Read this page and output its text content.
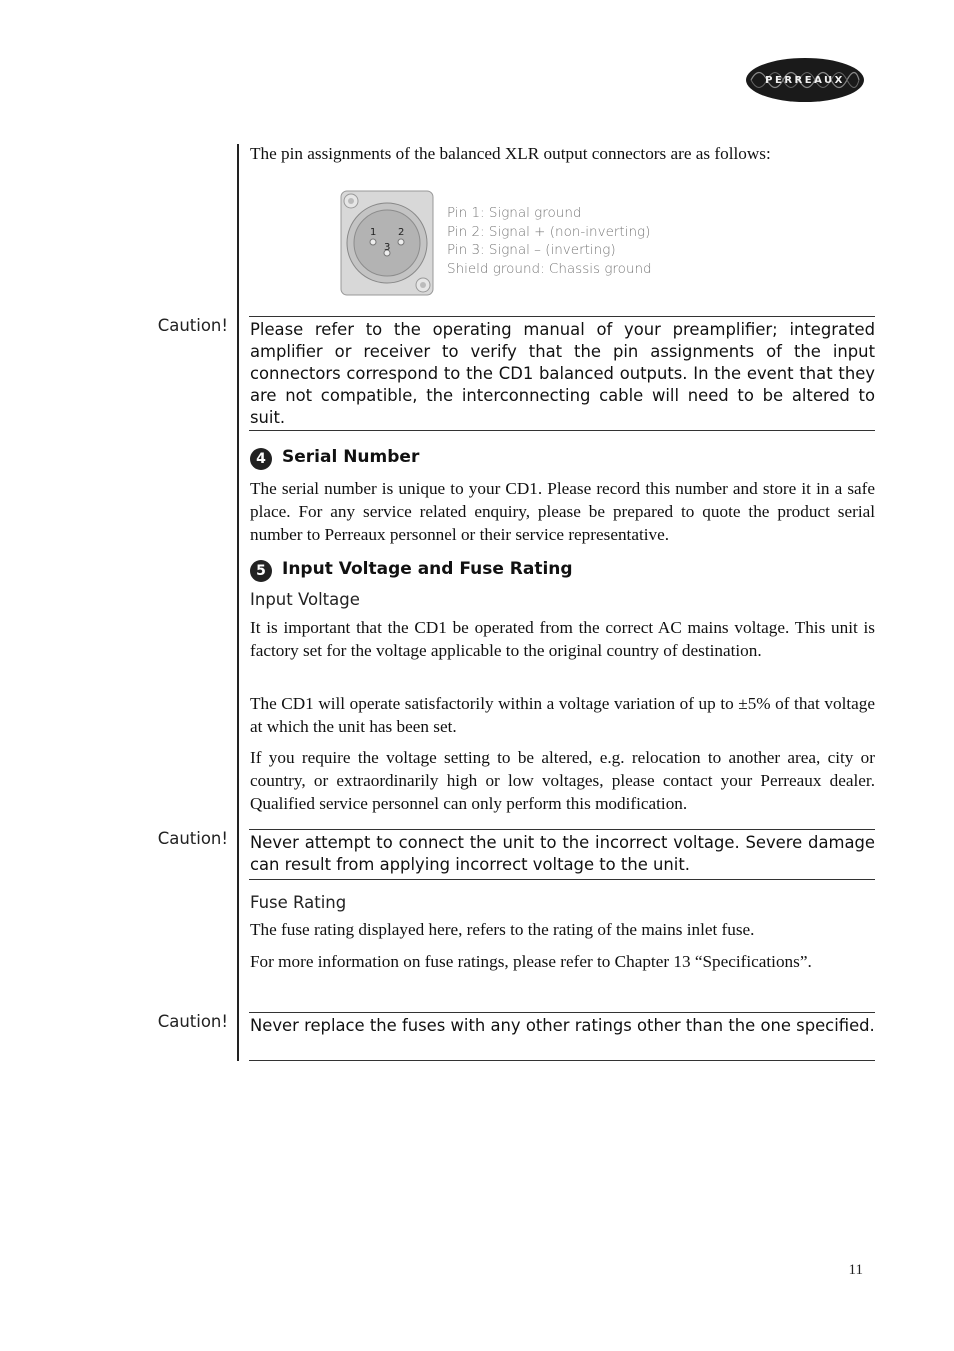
PERREAUX

The pin assignments of the balanced XLR output connectors are as follows:

1 2
3
Pin 1: Signal ground
Pin 2: Signal + (non-inverting)
Pin 3: Signal – (inverting)
Shield ground: Chassis ground
Caution! Please refer to the operating manual of your preamplifier; integrated amplifier or receiver to verify that the pin assignments of the input connectors correspond to the CD1 balanced outputs. In the event that they are not compatible, the interconnecting cable will need to be altered to suit.
4 Serial Number

The serial number is unique to your CD1. Please record this number and store it in a safe place. For any service related enquiry, please be prepared to quote the product serial number to Perreaux personnel or their service representative.

5 Input Voltage and Fuse Rating
Input Voltage

It is important that the CD1 be operated from the correct AC mains voltage. This unit is factory set for the voltage applicable to the original country of destination.

The CD1 will operate satisfactorily within a voltage variation of up to ±5% of that voltage at which the unit has been set.

If you require the voltage setting to be altered, e.g. relocation to another area, city or country, or extraordinarily high or low voltages, please contact your Perreaux dealer. Qualified service personnel can only perform this modification.

Caution! Never attempt to connect the unit to the incorrect voltage. Severe damage can result from applying incorrect voltage to the unit.
Fuse Rating

The fuse rating displayed here, refers to the rating of the mains inlet fuse.

For more information on fuse ratings, please refer to Chapter 13 “Specifications”.

Caution! Never replace the fuses with any other ratings other than the one specified.
11
